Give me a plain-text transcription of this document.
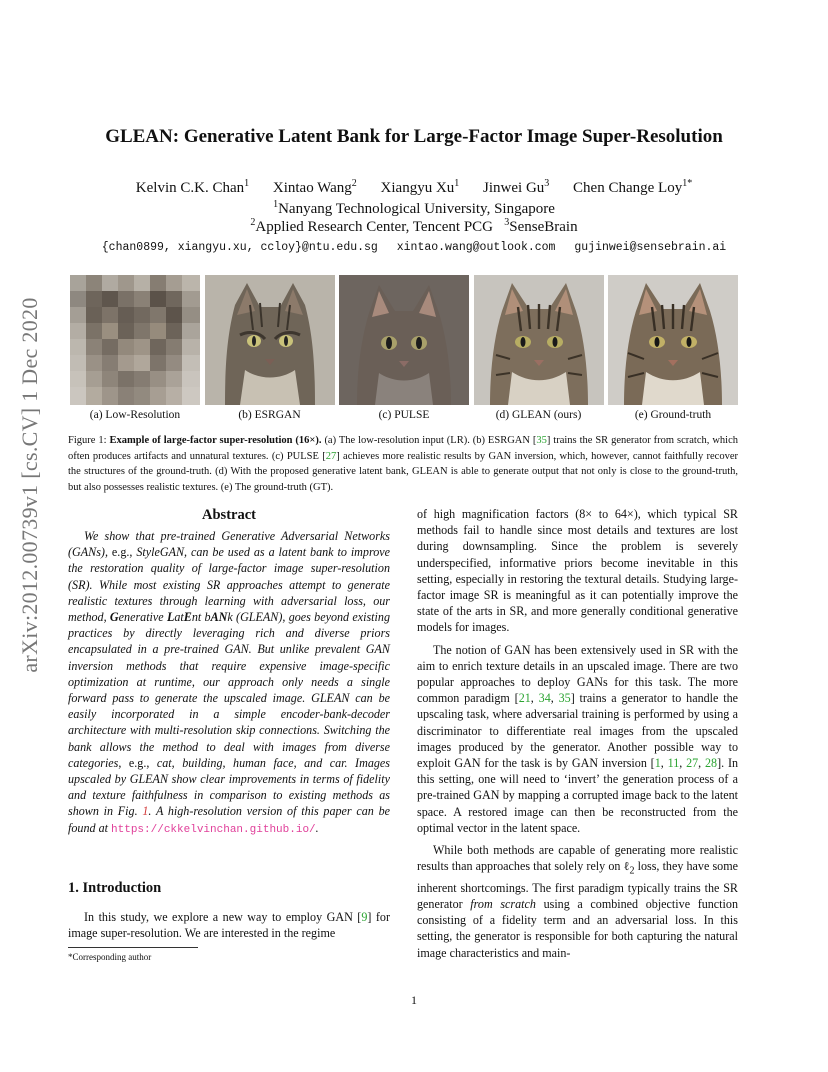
arXiv:2012.00739v1 [cs.CV] 1 Dec 2020
GLEAN: Generative Latent Bank for Large-Factor Image Super-Resolution
Kelvin C.K. Chan$^1$ Xintao Wang$^2$ Xiangyu Xu$^1$ Jinwei Gu$^3$ Chen Change Loy$^{1*}$
$^1$Nanyang Technological University, Singapore
$^2$Applied Research Center, Tencent PCG $^3$SenseBrain
{chan0899, xiangyu.xu, ccloy}@ntu.edu.sg xintao.wang@outlook.com gujinwei@sensebrain.ai
(a) Low-Resolution	(b) ESRGAN	(c) PULSE	(d) GLEAN (ours)	(e) Ground-truth
Figure 1: Example of large-factor super-resolution (16×). (a) The low-resolution input (LR). (b) ESRGAN [35] trains the SR generator from scratch, which often produces artifacts and unnatural textures. (c) PULSE [27] achieves more realistic results by GAN inversion, which, however, cannot faithfully recover the structures of the ground-truth. (d) With the proposed generative latent bank, GLEAN is able to generate output that not only is close to the ground-truth, but also possesses realistic textures. (e) The ground-truth (GT).
Abstract
We show that pre-trained Generative Adversarial Networks (GANs), e.g., StyleGAN, can be used as a latent bank to improve the restoration quality of large-factor image super-resolution (SR). While most existing SR approaches attempt to generate realistic textures through learning with adversarial loss, our method, Generative LatEnt bANk (GLEAN), goes beyond existing practices by directly leveraging rich and diverse priors encapsulated in a pre-trained GAN. But unlike prevalent GAN inversion methods that require expensive image-specific optimization at runtime, our approach only needs a single forward pass to generate the upscaled image. GLEAN can be easily incorporated in a simple encoder-bank-decoder architecture with multi-resolution skip connections. Switching the bank allows the method to deal with images from diverse categories, e.g., cat, building, human face, and car. Images upscaled by GLEAN show clear improvements in terms of fidelity and texture faithfulness in comparison to existing methods as shown in Fig. 1. A high-resolution version of this paper can be found at https://ckkelvinchan.github.io/.
1. Introduction
In this study, we explore a new way to employ GAN [9] for image super-resolution. We are interested in the regime
*Corresponding author

of high magnification factors (8× to 64×), which typical SR methods fail to handle since most details and textures are lost during downsampling. Since the problem is severely underspecified, informative priors become inevitable in this setting, especially in restoring the textural details. Studying large-factor image SR is meaningful as it can potentially improve the state of the arts in SR, and more generally conditional generative models for images.

The notion of GAN has been extensively used in SR with the aim to enrich texture details in an upscaled image. There are two popular approaches to deploy GANs for this task. The more common paradigm [21, 34, 35] trains a generator to handle the upscaling task, where adversarial training is performed by using a discriminator to differentiate real images from the upscaled images produced by the generator. Another possible way to exploit GAN for the task is by GAN inversion [1, 11, 27, 28]. In this setting, one will need to ‘invert’ the generation process of a pre-trained GAN by mapping a corrupted image back to the latent space. A restored image can then be reconstructed from the optimal vector in the latent space.

While both methods are capable of generating more realistic results than approaches that solely rely on ℓ$_2$ loss, they have some inherent shortcomings. The first paradigm typically trains the SR generator from scratch using a combined objective function consisting of a fidelity term and an adversarial loss. In this setting, the generator is responsible for both capturing the natural image characteristics and main-

1
